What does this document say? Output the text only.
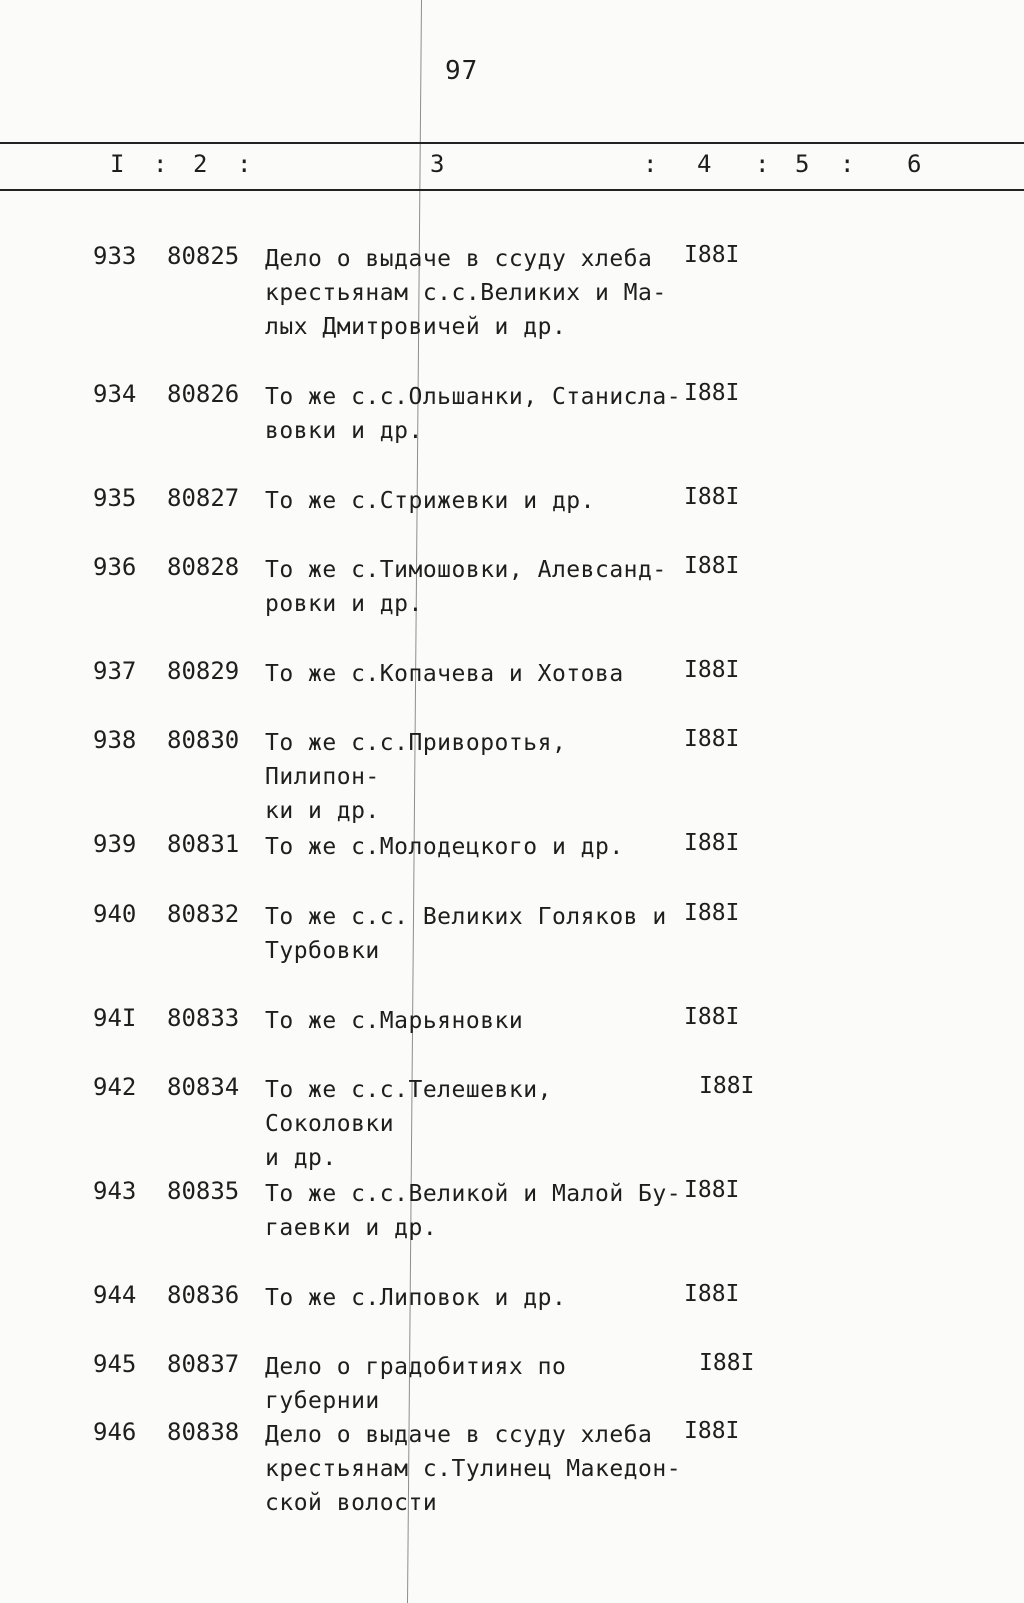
97
I : 2 :	3	: 4 : 5 : 6
933 80825 Дело о выдаче в ссуду хлеба
крестьянам с.с.Великих и Ма-
лых Дмитровичей и др.
I88I
934 80826 То же с.с.Ольшанки, Станисла-
вовки и др.
I88I
935 80827 То же с.Стрижевки и др.	I88I
936 80828 То же с.Тимошовки, Алевсанд-
ровки и др.
I88I
937 80829 То же с.Копачева и Хотова	I88I
938 80830 То же с.с.Приворотья, Пилипон-
ки и др.
I88I
939 80831 То же с.Молодецкого и др.	I88I
940 80832 То же с.с. Великих Голяков и
Турбовки
I88I
94I 80833 То же с.Марьяновки	I88I
942 80834 То же с.с.Телешевки, Соколовки
и др.
I88I
943 80835 То же с.с.Великой и Малой Бу-
гаевки и др.
I88I
944 80836 То же с.Липовок и др.	I88I
945 80837 Дело о градобитиях по губернии
I88I
946 80838 Дело о выдаче в ссуду хлеба
крестьянам с.Тулинец Македон-
ской волости
I88I
